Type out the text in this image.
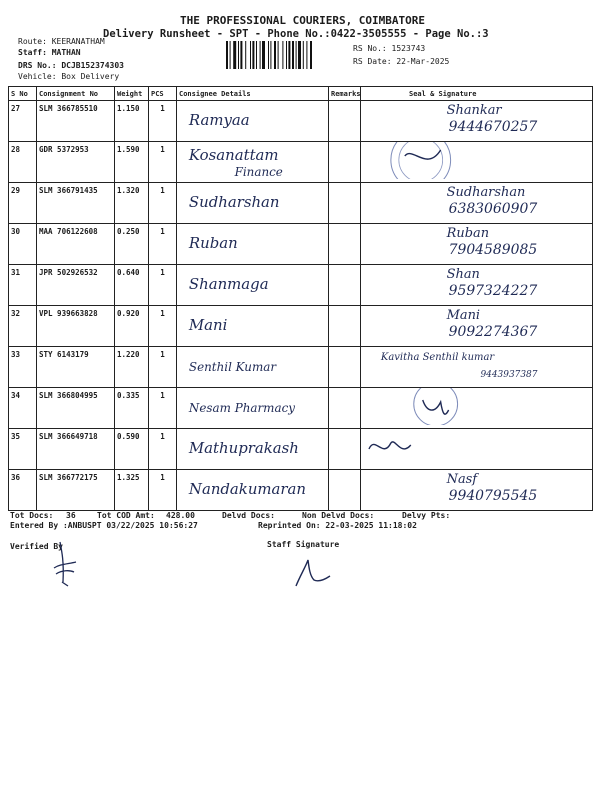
THE PROFESSIONAL COURIERS, COIMBATORE
Delivery Runsheet - SPT - Phone No.:0422-3505555 - Page No.:3
Route: KEERANATHAM
Staff: MATHAN
DRS No.: DCJB152374303
Vehicle: Box Delivery
RS No.: 1523743
RS Date: 22-Mar-2025
S No	Consignment No	Weight	PCS	Consignee Details	Remarks	Seal & Signature
27	SLM 366785510	1.150	1	Ramyaa		Shankar
9444670257

28	GDR 5372953	1.590	1	Kosanattam
Finance

29	SLM 366791435	1.320	1	Sudharshan		Sudharshan
6383060907

30	MAA 706122608	0.250	1	Ruban		Ruban
7904589085

31	JPR 502926532	0.640	1	Shanmaga		Shan
9597324227

32	VPL 939663828	0.920	1	Mani		Mani
9092274367

33	STY 6143179	1.220	1	Senthil Kumar		Kavitha Senthil kumar
9443937387

34	SLM 366804995	0.335	1	Nesam Pharmacy

35	SLM 366649718	0.590	1	Mathuprakash

36	SLM 366772175	1.325	1	Nandakumaran		Nasf
9940795545
Tot Docs: 36	Tot COD Amt: 428.00	Delvd Docs:	Non Delvd Docs:	Delvy Pts:
Entered By :ANBUSPT 03/22/2025 10:56:27	Reprinted On: 22-03-2025 11:18:02
Verified By	Staff Signature
